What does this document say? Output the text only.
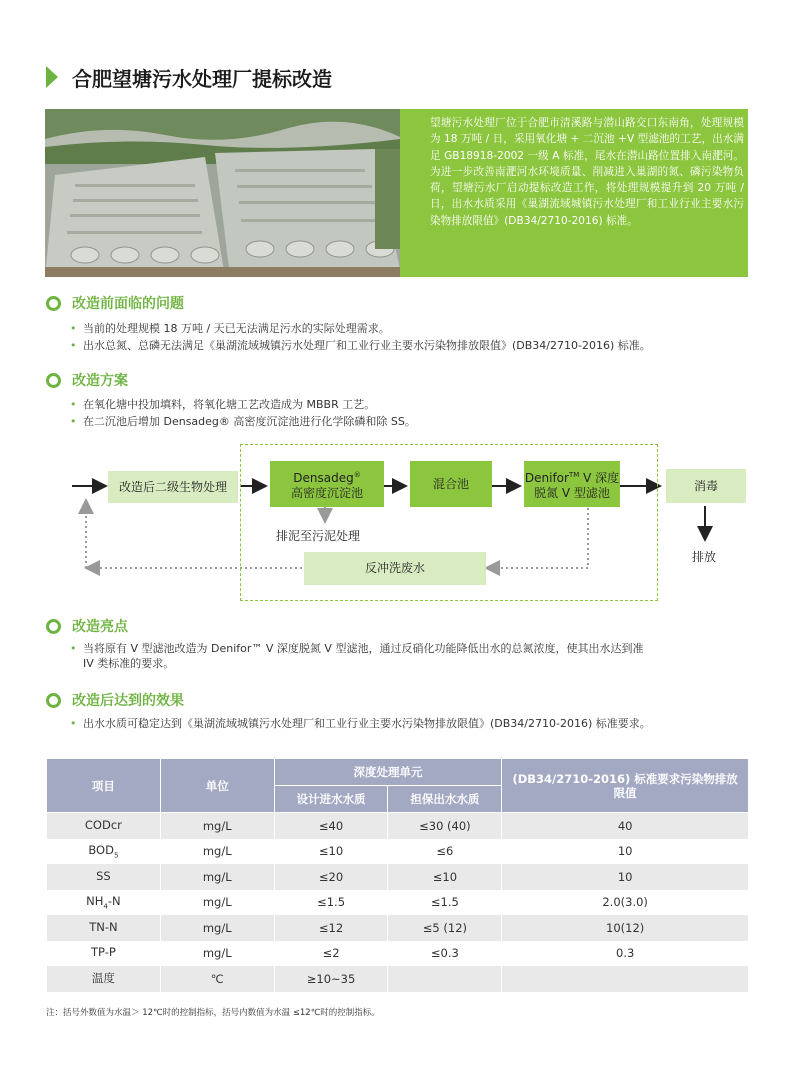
合肥望塘污水处理厂提标改造
望塘污水处理厂位于合肥市清溪路与潜山路交口东南角，处理规模为 18 万吨 / 日，采用氧化塘 + 二沉池 +V 型滤池的工艺，出水满足 GB18918-2002 一级 A 标准，尾水在潜山路位置排入南淝河。为进一步改善南淝河水环境质量、削减进入巢湖的氮、磷污染物负荷，望塘污水厂启动提标改造工作，将处理规模提升到 20 万吨 / 日，出水水质采用《巢湖流域城镇污水处理厂和工业行业主要水污染物排放限值》(DB34/2710-2016) 标准。
改造前面临的问题
• 当前的处理规模 18 万吨 / 天已无法满足污水的实际处理需求。
• 出水总氮、总磷无法满足《巢湖流域城镇污水处理厂和工业行业主要水污染物排放限值》(DB34/2710-2016) 标准。
改造方案
• 在氧化塘中投加填料，将氧化塘工艺改造成为 MBBR 工艺。
• 在二沉池后增加 Densadeg® 高密度沉淀池进行化学除磷和除 SS。
改造后二级生物处理
Densadeg®
高密度沉淀池
混合池	Denifor™ V 深度
脱氮 V 型滤池	消毒
排放
排泥至污泥处理
反冲洗废水
改造亮点
• 当将原有 V 型滤池改造为 Denifor™ V 深度脱氮 V 型滤池，通过反硝化功能降低出水的总氮浓度，使其出水达到准
IV 类标准的要求。
改造后达到的效果
• 出水水质可稳定达到《巢湖流域城镇污水处理厂和工业行业主要水污染物排放限值》(DB34/2710-2016) 标准要求。
项目	单位	深度处理单元		(DB34/2710-2016) 标准要求污染物排放限值
		设计进水水质	担保出水水质	
CODcr	mg/L	≤40	≤30 (40)	40
$BOD_5$	mg/L	≤10	≤6	10
SS	mg/L	≤20	≤10	10
$NH_4-N$	mg/L	≤1.5	≤1.5	2.0(3.0)
TN-N	mg/L	≤12	≤5 (12)	10(12)
TP-P	mg/L	≤2	≤0.3	0.3
温度	℃	≥10~35		
注：括号外数值为水温＞ 12℃时的控制指标，括号内数值为水温 ≤12℃时的控制指标。
